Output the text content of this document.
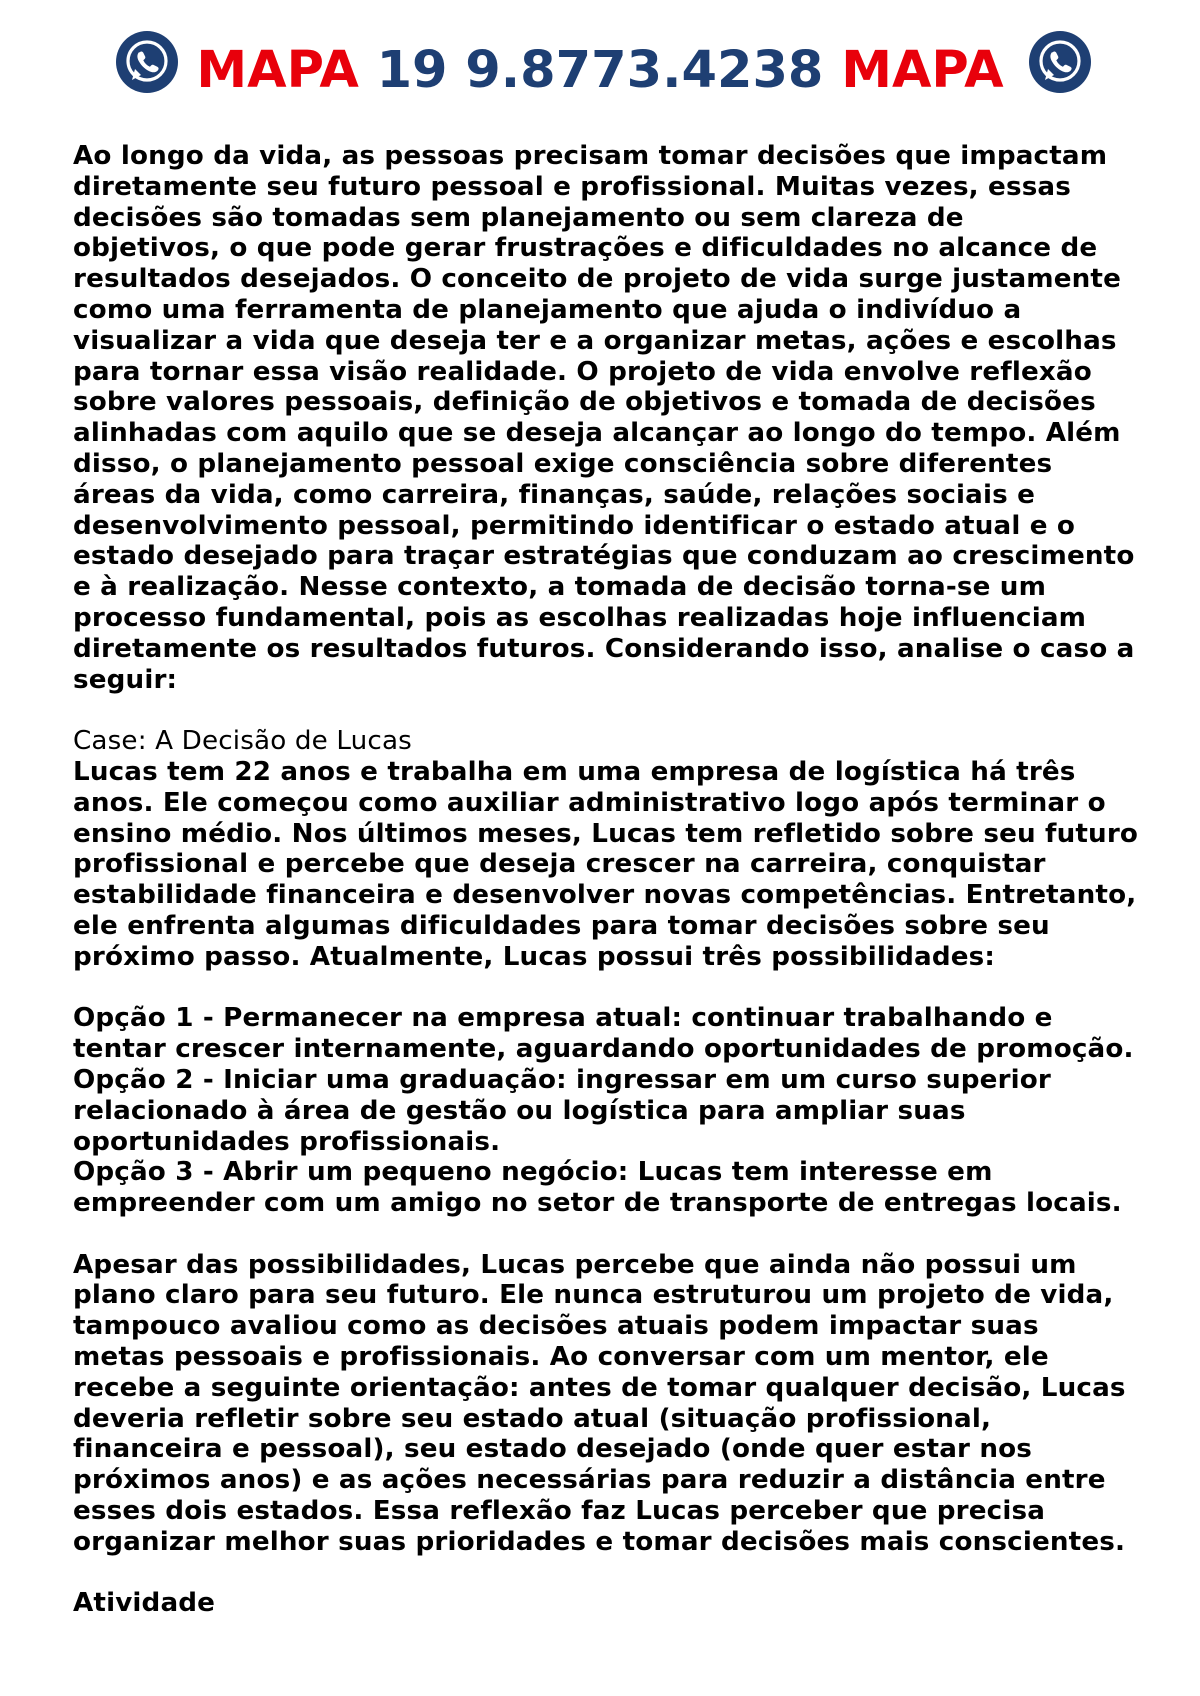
MAPA 19 9.8773.4238 MAPA
Ao longo da vida, as pessoas precisam tomar decisões que impactam
diretamente seu futuro pessoal e profissional. Muitas vezes, essas
decisões são tomadas sem planejamento ou sem clareza de
objetivos, o que pode gerar frustrações e dificuldades no alcance de
resultados desejados. O conceito de projeto de vida surge justamente
como uma ferramenta de planejamento que ajuda o indivíduo a
visualizar a vida que deseja ter e a organizar metas, ações e escolhas
para tornar essa visão realidade. O projeto de vida envolve reflexão
sobre valores pessoais, definição de objetivos e tomada de decisões
alinhadas com aquilo que se deseja alcançar ao longo do tempo. Além
disso, o planejamento pessoal exige consciência sobre diferentes
áreas da vida, como carreira, finanças, saúde, relações sociais e
desenvolvimento pessoal, permitindo identificar o estado atual e o
estado desejado para traçar estratégias que conduzam ao crescimento
e à realização. Nesse contexto, a tomada de decisão torna-se um
processo fundamental, pois as escolhas realizadas hoje influenciam
diretamente os resultados futuros. Considerando isso, analise o caso a
seguir:
Case: A Decisão de Lucas
Lucas tem 22 anos e trabalha em uma empresa de logística há três
anos. Ele começou como auxiliar administrativo logo após terminar o
ensino médio. Nos últimos meses, Lucas tem refletido sobre seu futuro
profissional e percebe que deseja crescer na carreira, conquistar
estabilidade financeira e desenvolver novas competências. Entretanto,
ele enfrenta algumas dificuldades para tomar decisões sobre seu
próximo passo. Atualmente, Lucas possui três possibilidades:
Opção 1 - Permanecer na empresa atual: continuar trabalhando e
tentar crescer internamente, aguardando oportunidades de promoção.
Opção 2 - Iniciar uma graduação: ingressar em um curso superior
relacionado à área de gestão ou logística para ampliar suas
oportunidades profissionais.
Opção 3 - Abrir um pequeno negócio: Lucas tem interesse em
empreender com um amigo no setor de transporte de entregas locais.
Apesar das possibilidades, Lucas percebe que ainda não possui um
plano claro para seu futuro. Ele nunca estruturou um projeto de vida,
tampouco avaliou como as decisões atuais podem impactar suas
metas pessoais e profissionais. Ao conversar com um mentor, ele
recebe a seguinte orientação: antes de tomar qualquer decisão, Lucas
deveria refletir sobre seu estado atual (situação profissional,
financeira e pessoal), seu estado desejado (onde quer estar nos
próximos anos) e as ações necessárias para reduzir a distância entre
esses dois estados. Essa reflexão faz Lucas perceber que precisa
organizar melhor suas prioridades e tomar decisões mais conscientes.
Atividade
